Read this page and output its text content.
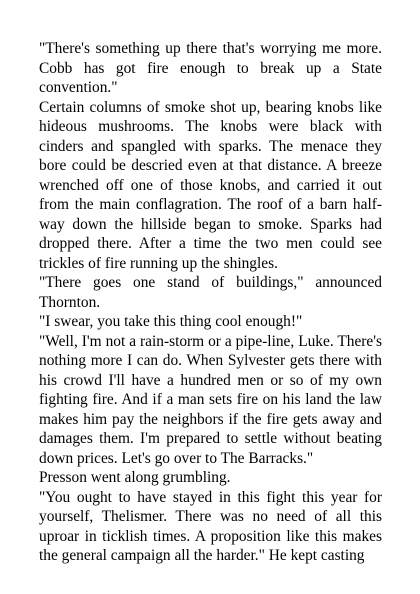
"There's something up there that's worrying me more. Cobb has got fire enough to break up a State convention."

Certain columns of smoke shot up, bearing knobs like hideous mushrooms. The knobs were black with cinders and spangled with sparks. The menace they bore could be descried even at that distance. A breeze wrenched off one of those knobs, and carried it out from the main conflagration. The roof of a barn half-way down the hillside began to smoke. Sparks had dropped there. After a time the two men could see trickles of fire running up the shingles.

"There goes one stand of buildings," announced Thornton.

"I swear, you take this thing cool enough!"

"Well, I'm not a rain-storm or a pipe-line, Luke. There's nothing more I can do. When Sylvester gets there with his crowd I'll have a hundred men or so of my own fighting fire. And if a man sets fire on his land the law makes him pay the neighbors if the fire gets away and damages them. I'm prepared to settle without beating down prices. Let's go over to The Barracks."

Presson went along grumbling.

"You ought to have stayed in this fight this year for yourself, Thelismer. There was no need of all this uproar in ticklish times. A proposition like this makes the general campaign all the harder." He kept casting
